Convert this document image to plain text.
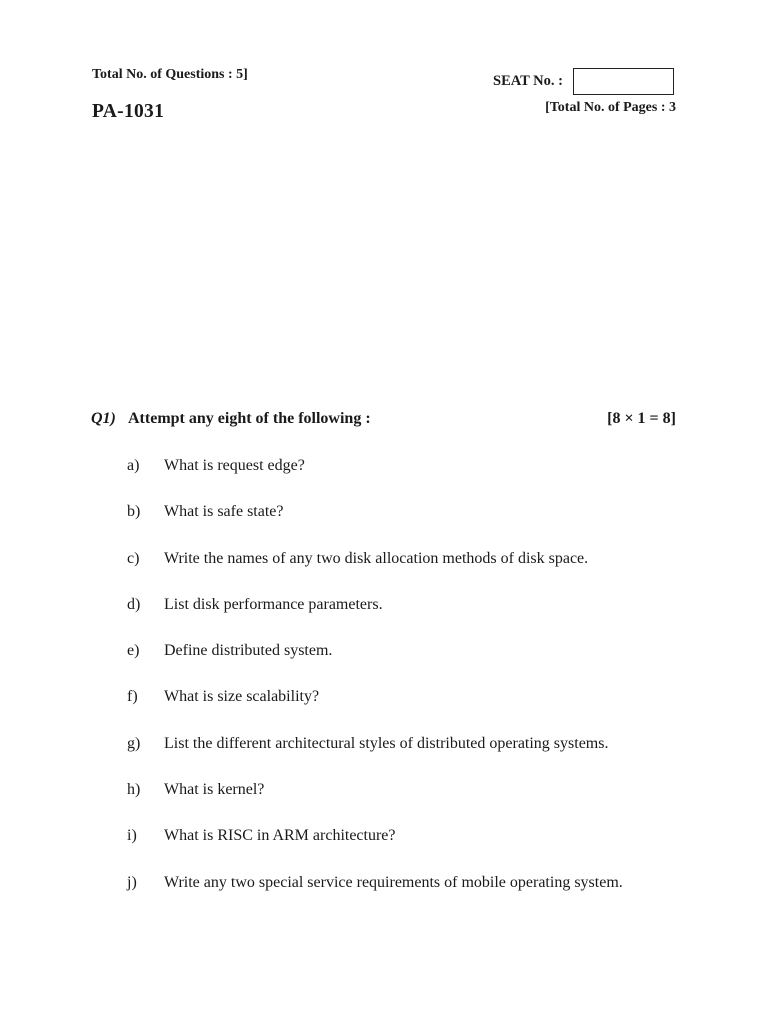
Total No. of Questions : 5]	SEAT No. :
[Total No. of Pages : 3
PA-1031
Q1) Attempt any eight of the following :	[8 × 1 = 8]
a) What is request edge?
b) What is safe state?
c) Write the names of any two disk allocation methods of disk space.
d) List disk performance parameters.
e) Define distributed system.
f) What is size scalability?
g) List the different architectural styles of distributed operating systems.
h) What is kernel?
i) What is RISC in ARM architecture?
j) Write any two special service requirements of mobile operating system.
